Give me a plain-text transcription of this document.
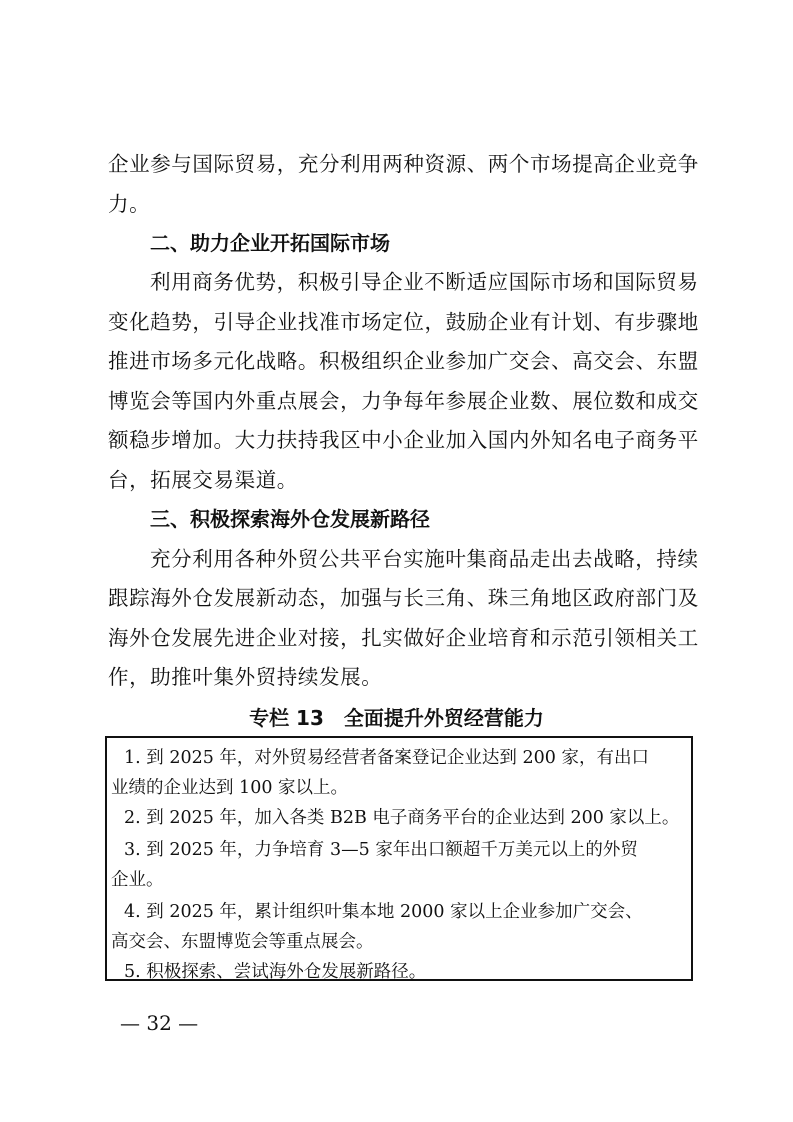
企业参与国际贸易，充分利用两种资源、两个市场提高企业竞争
力。
二、助力企业开拓国际市场
利用商务优势，积极引导企业不断适应国际市场和国际贸易
变化趋势，引导企业找准市场定位，鼓励企业有计划、有步骤地
推进市场多元化战略。积极组织企业参加广交会、高交会、东盟
博览会等国内外重点展会，力争每年参展企业数、展位数和成交
额稳步增加。大力扶持我区中小企业加入国内外知名电子商务平
台，拓展交易渠道。
三、积极探索海外仓发展新路径
充分利用各种外贸公共平台实施叶集商品走出去战略，持续
跟踪海外仓发展新动态，加强与长三角、珠三角地区政府部门及
海外仓发展先进企业对接，扎实做好企业培育和示范引领相关工
作，助推叶集外贸持续发展。
专栏 13　全面提升外贸经营能力
1. 到 2025 年，对外贸易经营者备案登记企业达到 200 家，有出口
业绩的企业达到 100 家以上。
2. 到 2025 年，加入各类 B2B 电子商务平台的企业达到 200 家以上。
3. 到 2025 年，力争培育 3—5 家年出口额超千万美元以上的外贸
企业。
4. 到 2025 年，累计组织叶集本地 2000 家以上企业参加广交会、
高交会、东盟博览会等重点展会。
5. 积极探索、尝试海外仓发展新路径。
— 32 —
